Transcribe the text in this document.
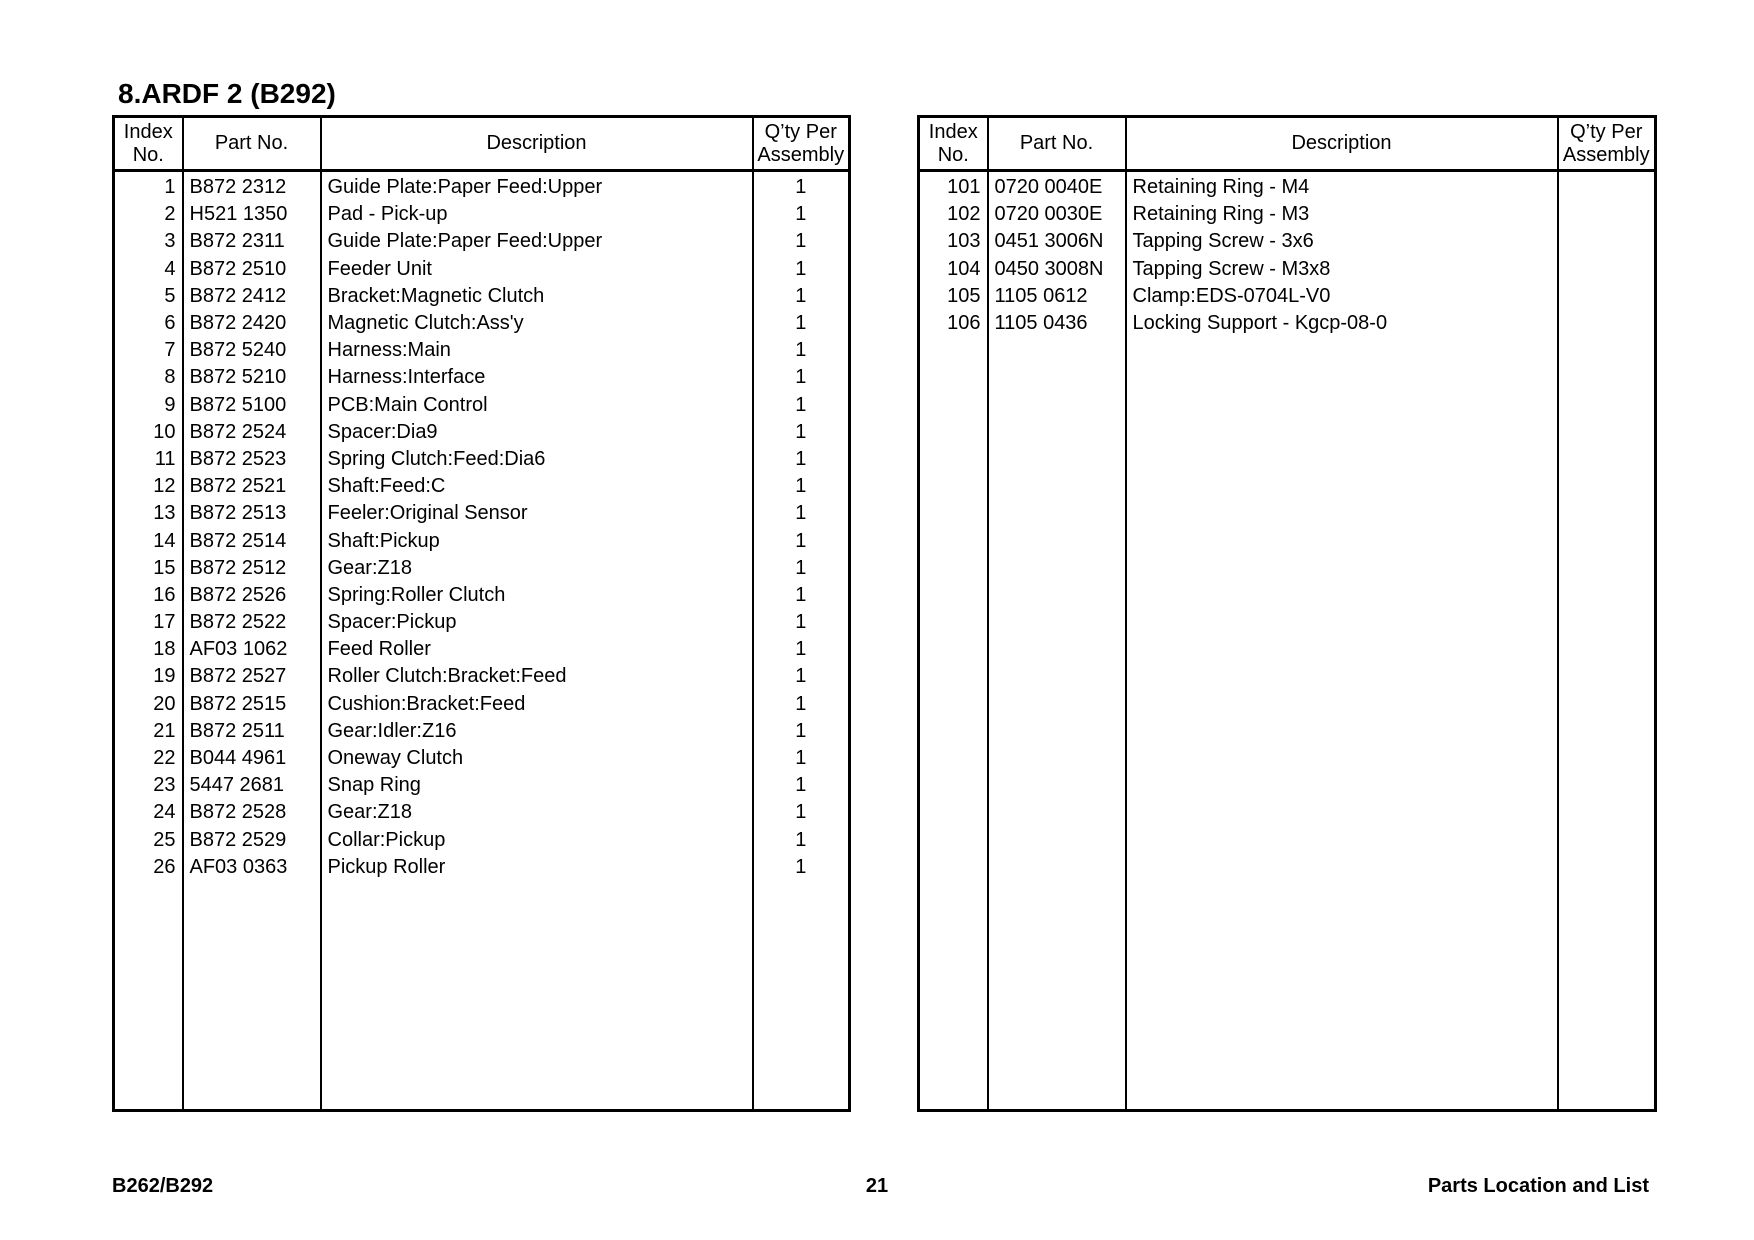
8.ARDF 2 (B292)
Index
No.	Part No.	Description	Q’ty Per
Assembly
1	B872 2312	Guide Plate:Paper Feed:Upper	1
2	H521 1350	Pad - Pick-up	1
3	B872 2311	Guide Plate:Paper Feed:Upper	1
4	B872 2510	Feeder Unit	1
5	B872 2412	Bracket:Magnetic Clutch	1
6	B872 2420	Magnetic Clutch:Ass'y	1
7	B872 5240	Harness:Main	1
8	B872 5210	Harness:Interface	1
9	B872 5100	PCB:Main Control	1
10	B872 2524	Spacer:Dia9	1
11	B872 2523	Spring Clutch:Feed:Dia6	1
12	B872 2521	Shaft:Feed:C	1
13	B872 2513	Feeler:Original Sensor	1
14	B872 2514	Shaft:Pickup	1
15	B872 2512	Gear:Z18	1
16	B872 2526	Spring:Roller Clutch	1
17	B872 2522	Spacer:Pickup	1
18	AF03 1062	Feed Roller	1
19	B872 2527	Roller Clutch:Bracket:Feed	1
20	B872 2515	Cushion:Bracket:Feed	1
21	B872 2511	Gear:Idler:Z16	1
22	B044 4961	Oneway Clutch	1
23	5447 2681	Snap Ring	1
24	B872 2528	Gear:Z18	1
25	B872 2529	Collar:Pickup	1
26	AF03 0363	Pickup Roller	1

Index
No.	Part No.	Description	Q’ty Per
Assembly
101	0720 0040E	Retaining Ring - M4	
102	0720 0030E	Retaining Ring - M3	
103	0451 3006N	Tapping Screw - 3x6	
104	0450 3008N	Tapping Screw - M3x8	
105	1105 0612	Clamp:EDS-0704L-V0	
106	1105 0436	Locking Support - Kgcp-08-0	

B262/B292	21	Parts Location and List
